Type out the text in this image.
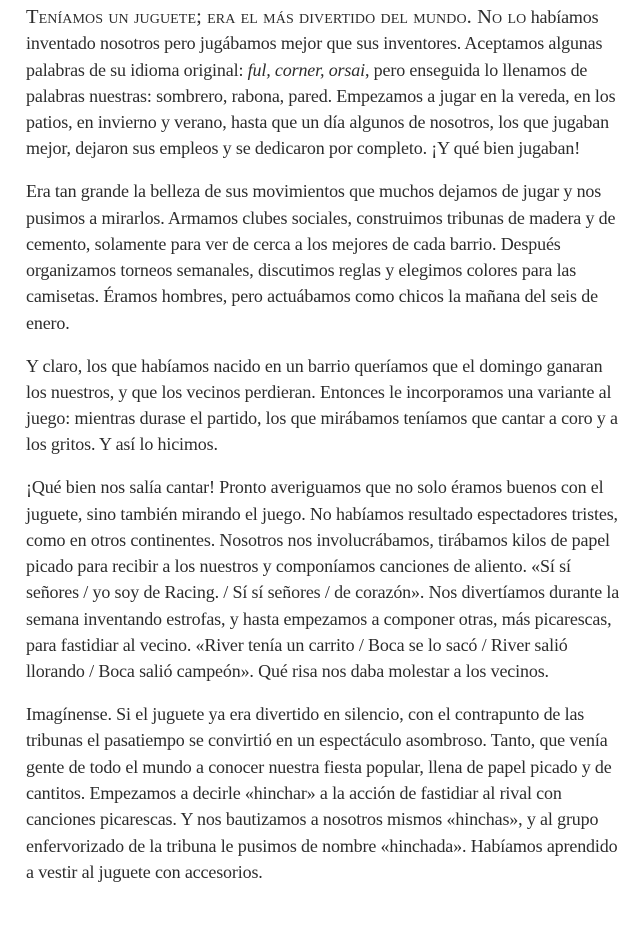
Teníamos un juguete; era el más divertido del mundo. No lo habíamos inventado nosotros pero jugábamos mejor que sus inventores. Aceptamos algunas palabras de su idioma original: ful, corner, orsai, pero enseguida lo llenamos de palabras nuestras: sombrero, rabona, pared. Empezamos a jugar en la vereda, en los patios, en invierno y verano, hasta que un día algunos de nosotros, los que jugaban mejor, dejaron sus empleos y se dedicaron por completo. ¡Y qué bien jugaban!

Era tan grande la belleza de sus movimientos que muchos dejamos de jugar y nos pusimos a mirarlos. Armamos clubes sociales, construimos tribunas de madera y de cemento, solamente para ver de cerca a los mejores de cada barrio. Después organizamos torneos semanales, discutimos reglas y elegimos colores para las camisetas. Éramos hombres, pero actuábamos como chicos la mañana del seis de enero.

Y claro, los que habíamos nacido en un barrio queríamos que el domingo ganaran los nuestros, y que los vecinos perdieran. Entonces le incorporamos una variante al juego: mientras durase el partido, los que mirábamos teníamos que cantar a coro y a los gritos. Y así lo hicimos.

¡Qué bien nos salía cantar! Pronto averiguamos que no solo éramos buenos con el juguete, sino también mirando el juego. No habíamos resultado espectadores tristes, como en otros continentes. Nosotros nos involucrábamos, tirábamos kilos de papel picado para recibir a los nuestros y componíamos canciones de aliento. «Sí sí señores / yo soy de Racing. / Sí sí señores / de corazón». Nos divertíamos durante la semana inventando estrofas, y hasta empezamos a componer otras, más picarescas, para fastidiar al vecino. «River tenía un carrito / Boca se lo sacó / River salió llorando / Boca salió campeón». Qué risa nos daba molestar a los vecinos.

Imagínense. Si el juguete ya era divertido en silencio, con el contrapunto de las tribunas el pasatiempo se convirtió en un espectáculo asombroso. Tanto, que venía gente de todo el mundo a conocer nuestra fiesta popular, llena de papel picado y de cantitos. Empezamos a decirle «hinchar» a la acción de fastidiar al rival con canciones picarescas. Y nos bautizamos a nosotros mismos «hinchas», y al grupo enfervorizado de la tribuna le pusimos de nombre «hinchada». Habíamos aprendido a vestir al juguete con accesorios.
